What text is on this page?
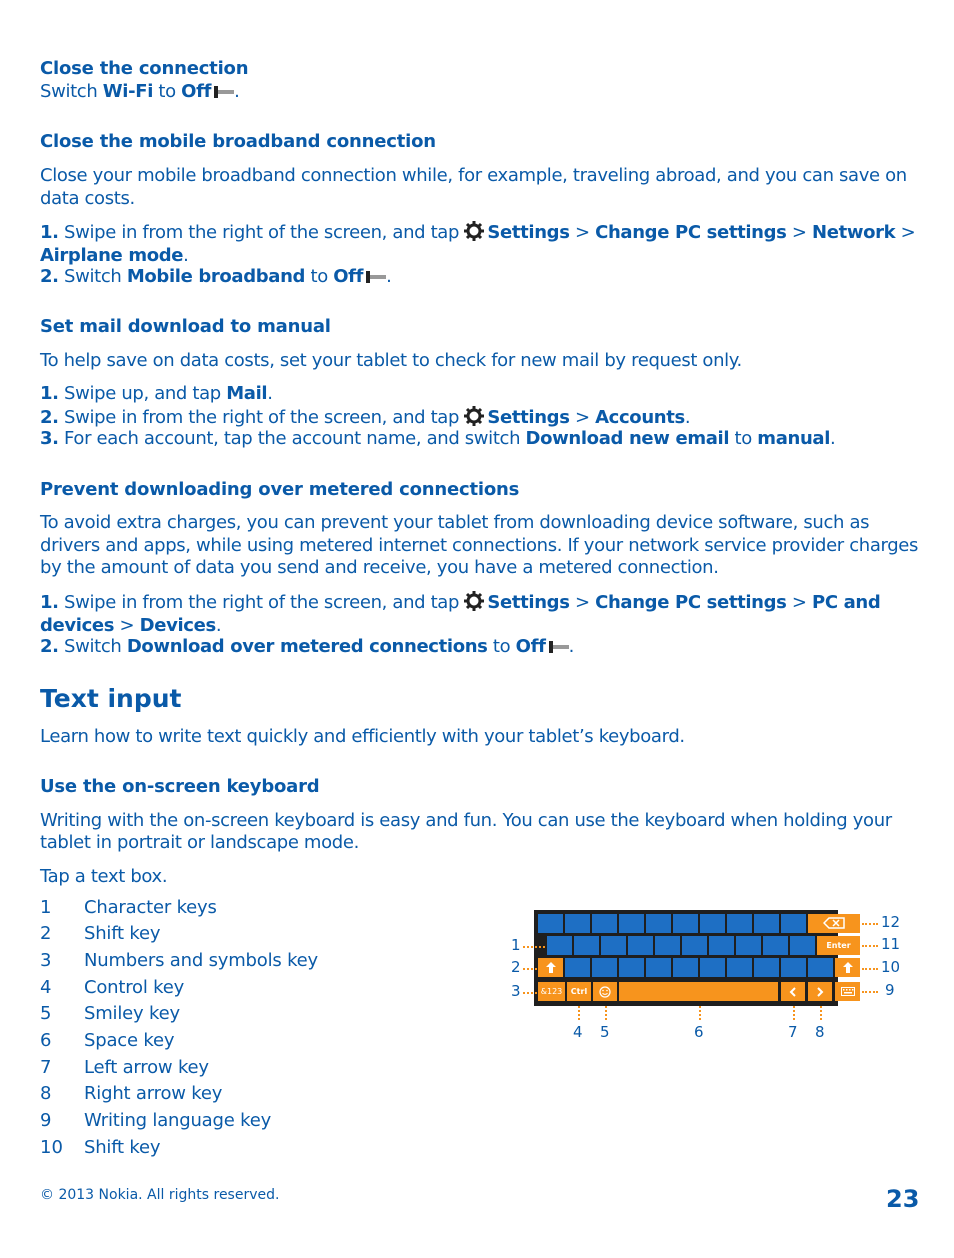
Close the connection
Switch Wi-Fi to Off .
Close the mobile broadband connection
Close your mobile broadband connection while, for example, traveling abroad, and you can save on data costs.
1. Swipe in from the right of the screen, and tap Settings > Change PC settings > Network >
Airplane mode.
2. Switch Mobile broadband to Off .
Set mail download to manual
To help save on data costs, set your tablet to check for new mail by request only.
1. Swipe up, and tap Mail.
2. Swipe in from the right of the screen, and tap Settings > Accounts.
3. For each account, tap the account name, and switch Download new email to manual.
Prevent downloading over metered connections
To avoid extra charges, you can prevent your tablet from downloading device software, such as
drivers and apps, while using metered internet connections. If your network service provider charges
by the amount of data you send and receive, you have a metered connection.
1. Swipe in from the right of the screen, and tap Settings > Change PC settings > PC and
devices > Devices.
2. Switch Download over metered connections to Off .
Text input
Learn how to write text quickly and efficiently with your tablet’s keyboard.
Use the on-screen keyboard
Writing with the on-screen keyboard is easy and fun. You can use the keyboard when holding your
tablet in portrait or landscape mode.
Tap a text box.
1	Character keys
2	Shift key
3	Numbers and symbols key
4	Control key
5	Smiley key
6	Space key
7	Left arrow key
8	Right arrow key
9	Writing language key
10	Shift key
Enter
&123	Ctrl
1
2
3
12
11
10
9
4 5	6	7 8
© 2013 Nokia. All rights reserved.	23
